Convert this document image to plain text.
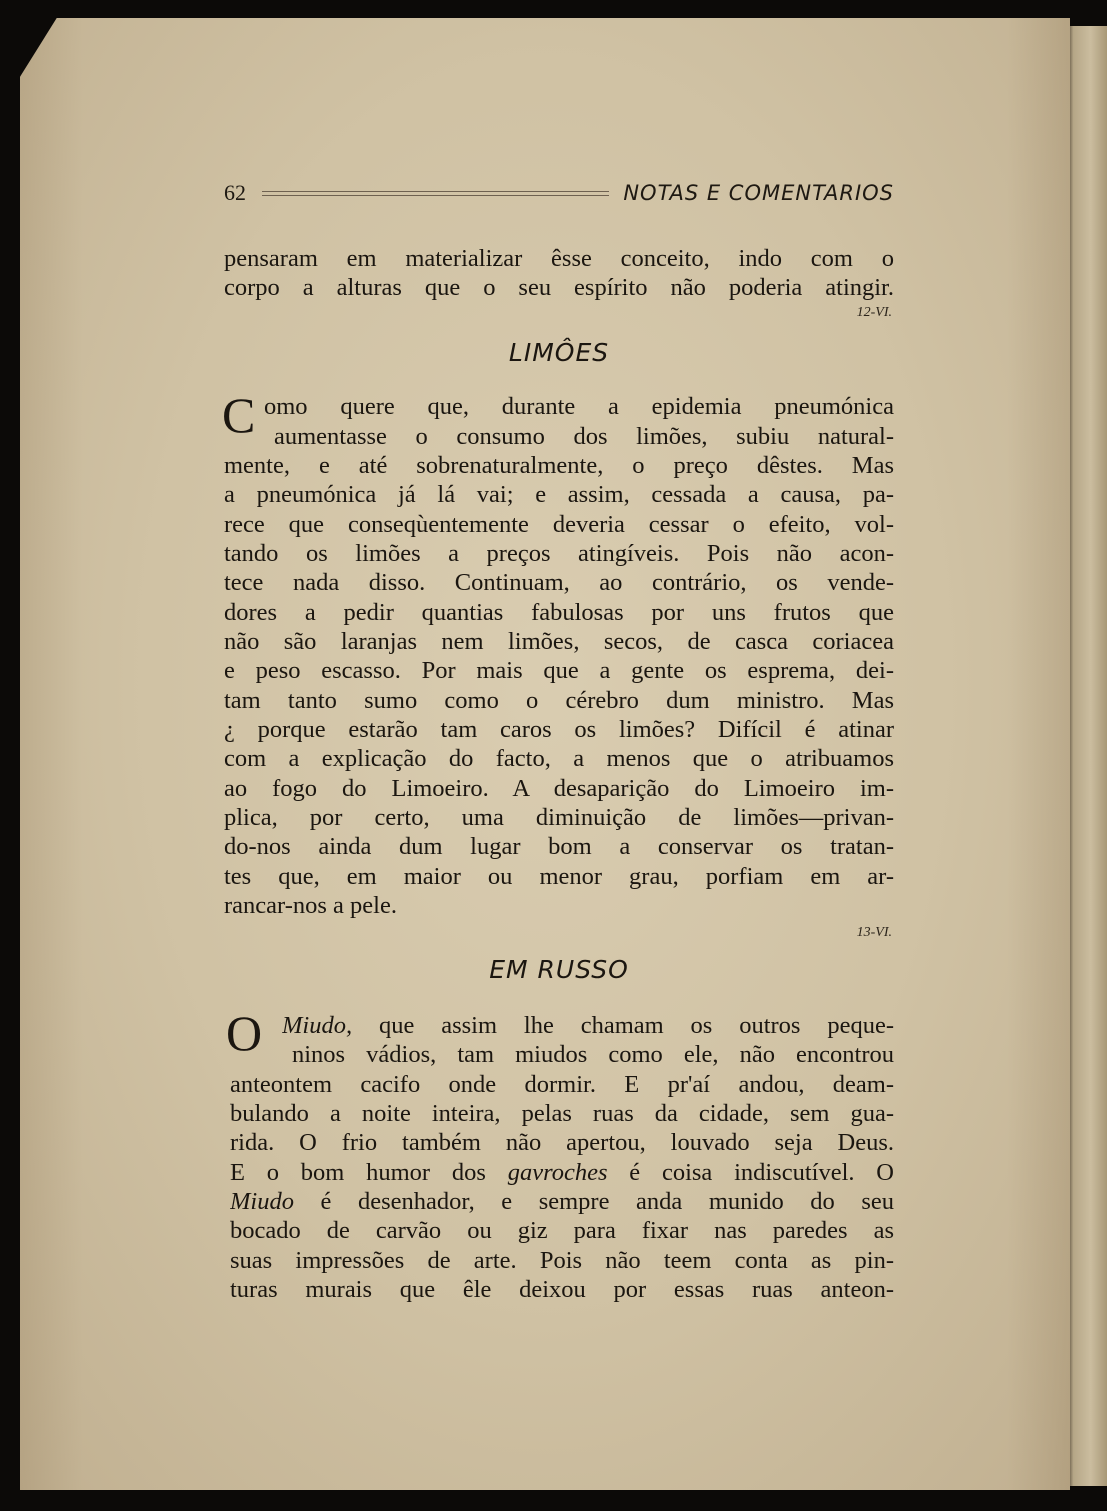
62	NOTAS E COMENTARIOS
pensaram em materializar êsse conceito, indo com o
corpo a alturas que o seu espírito não poderia atingir.
12-VI.
LIMÔES
C omo quere que, durante a epidemia pneumónica
aumentasse o consumo dos limões, subiu natural-
mente, e até sobrenaturalmente, o preço dêstes. Mas
a pneumónica já lá vai; e assim, cessada a causa, pa-
rece que conseqùentemente deveria cessar o efeito, vol-
tando os limões a preços atingíveis. Pois não acon-
tece nada disso. Continuam, ao contrário, os vende-
dores a pedir quantias fabulosas por uns frutos que
não são laranjas nem limões, secos, de casca coriacea
e peso escasso. Por mais que a gente os esprema, dei-
tam tanto sumo como o cérebro dum ministro. Mas
¿ porque estarão tam caros os limões? Difícil é atinar
com a explicação do facto, a menos que o atribuamos
ao fogo do Limoeiro. A desaparição do Limoeiro im-
plica, por certo, uma diminuição de limões—privan-
do-nos ainda dum lugar bom a conservar os tratan-
tes que, em maior ou menor grau, porfiam em ar-
rancar-nos a pele.
13-VI.
EM RUSSO
O Miudo, que assim lhe chamam os outros peque-
ninos vádios, tam miudos como ele, não encontrou
anteontem cacifo onde dormir. E pr'aí andou, deam-
bulando a noite inteira, pelas ruas da cidade, sem gua-
rida. O frio também não apertou, louvado seja Deus.
E o bom humor dos gavroches é coisa indiscutível. O
Miudo é desenhador, e sempre anda munido do seu
bocado de carvão ou giz para fixar nas paredes as
suas impressões de arte. Pois não teem conta as pin-
turas murais que êle deixou por essas ruas anteon-
